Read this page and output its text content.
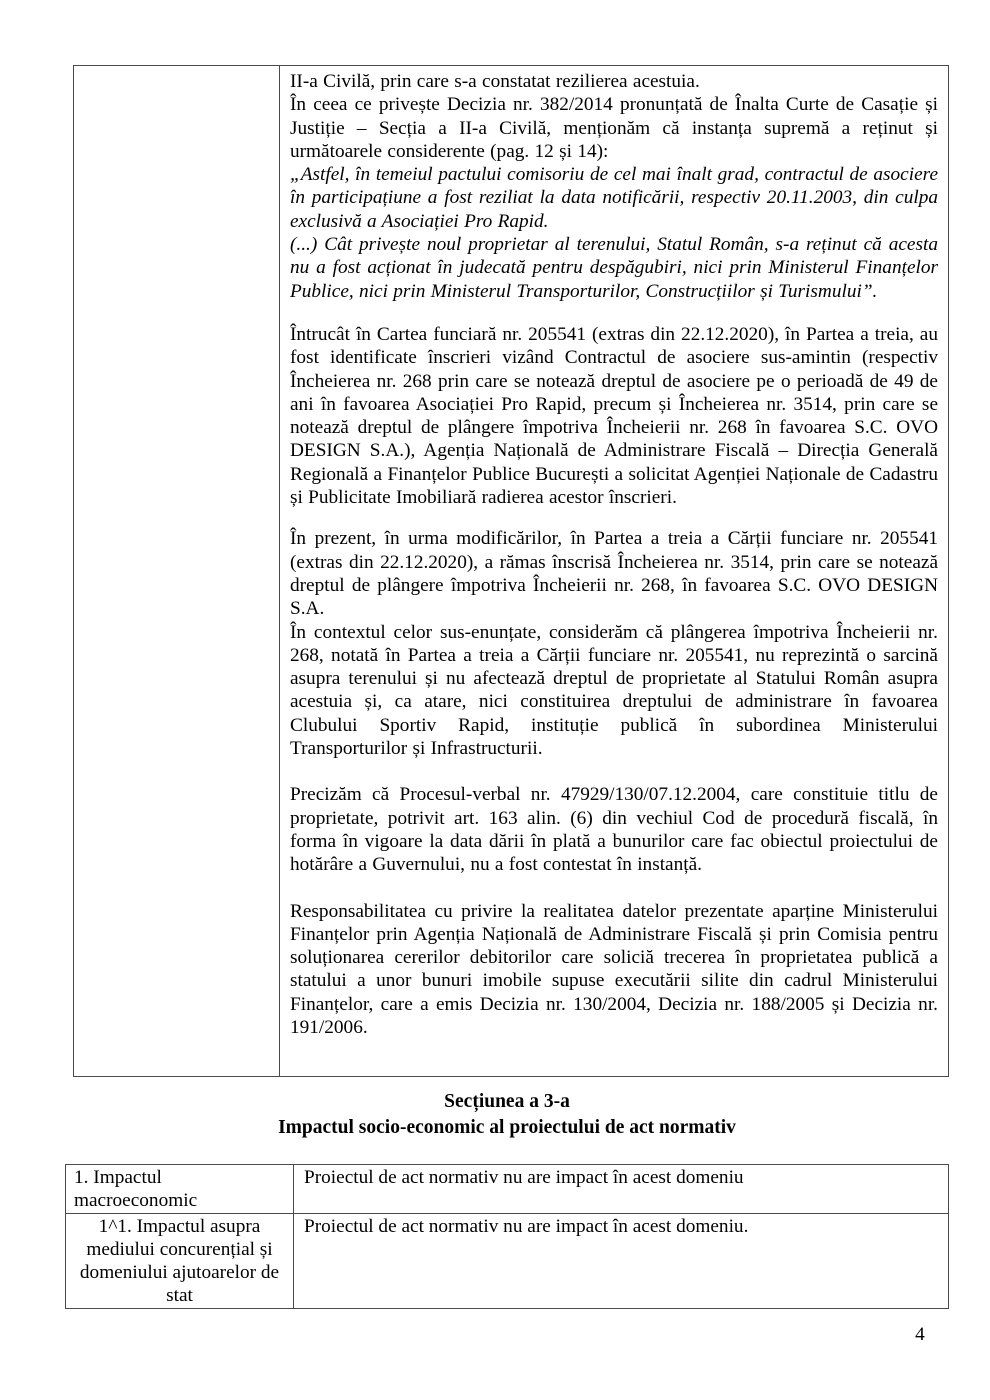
II-a Civilă, prin care s-a constatat rezilierea acestuia.

În ceea ce privește Decizia nr. 382/2014 pronunțată de Înalta Curte de Casație și Justiție – Secția a II-a Civilă, menționăm că instanța supremă a reținut și următoarele considerente (pag. 12 și 14):

„Astfel, în temeiul pactului comisoriu de cel mai înalt grad, contractul de asociere în participațiune a fost reziliat la data notificării, respectiv 20.11.2003, din culpa exclusivă a Asociației Pro Rapid.

(...) Cât privește noul proprietar al terenului, Statul Român, s-a reținut că acesta nu a fost acționat în judecată pentru despăgubiri, nici prin Ministerul Finanțelor Publice, nici prin Ministerul Transporturilor, Construcțiilor și Turismului”.

Întrucât în Cartea funciară nr. 205541 (extras din 22.12.2020), în Partea a treia, au fost identificate înscrieri vizând Contractul de asociere sus-amintin (respectiv Încheierea nr. 268 prin care se notează dreptul de asociere pe o perioadă de 49 de ani în favoarea Asociației Pro Rapid, precum și Încheierea nr. 3514, prin care se notează dreptul de plângere împotriva Încheierii nr. 268 în favoarea S.C. OVO DESIGN S.A.), Agenția Națională de Administrare Fiscală – Direcția Generală Regională a Finanțelor Publice București a solicitat Agenției Naționale de Cadastru și Publicitate Imobiliară radierea acestor înscrieri.

În prezent, în urma modificărilor, în Partea a treia a Cărții funciare nr. 205541 (extras din 22.12.2020), a rămas înscrisă Încheierea nr. 3514, prin care se notează dreptul de plângere împotriva Încheierii nr. 268, în favoarea S.C. OVO DESIGN S.A.

În contextul celor sus-enunțate, considerăm că plângerea împotriva Încheierii nr. 268, notată în Partea a treia a Cărții funciare nr. 205541, nu reprezintă o sarcină asupra terenului și nu afectează dreptul de proprietate al Statului Român asupra acestuia și, ca atare, nici constituirea dreptului de administrare în favoarea Clubului Sportiv Rapid, instituție publică în subordinea Ministerului Transporturilor și Infrastructurii.

Precizăm că Procesul-verbal nr. 47929/130/07.12.2004, care constituie titlu de proprietate, potrivit art. 163 alin. (6) din vechiul Cod de procedură fiscală, în forma în vigoare la data dării în plată a bunurilor care fac obiectul proiectului de hotărâre a Guvernului, nu a fost contestat în instanță.

Responsabilitatea cu privire la realitatea datelor prezentate aparține Ministerului Finanțelor prin Agenția Națională de Administrare Fiscală și prin Comisia pentru soluționarea cererilor debitorilor care soliciă trecerea în proprietatea publică a statului a unor bunuri imobile supuse executării silite din cadrul Ministerului Finanțelor, care a emis Decizia nr. 130/2004, Decizia nr. 188/2005 și Decizia nr. 191/2006.

Secțiunea a 3-a
Impactul socio-economic al proiectului de act normativ
1. Impactul macroeconomic	Proiectul de act normativ nu are impact în acest domeniu
1^1. Impactul asupra mediului concurențial și domeniului ajutoarelor de stat	Proiectul de act normativ nu are impact în acest domeniu.
4
